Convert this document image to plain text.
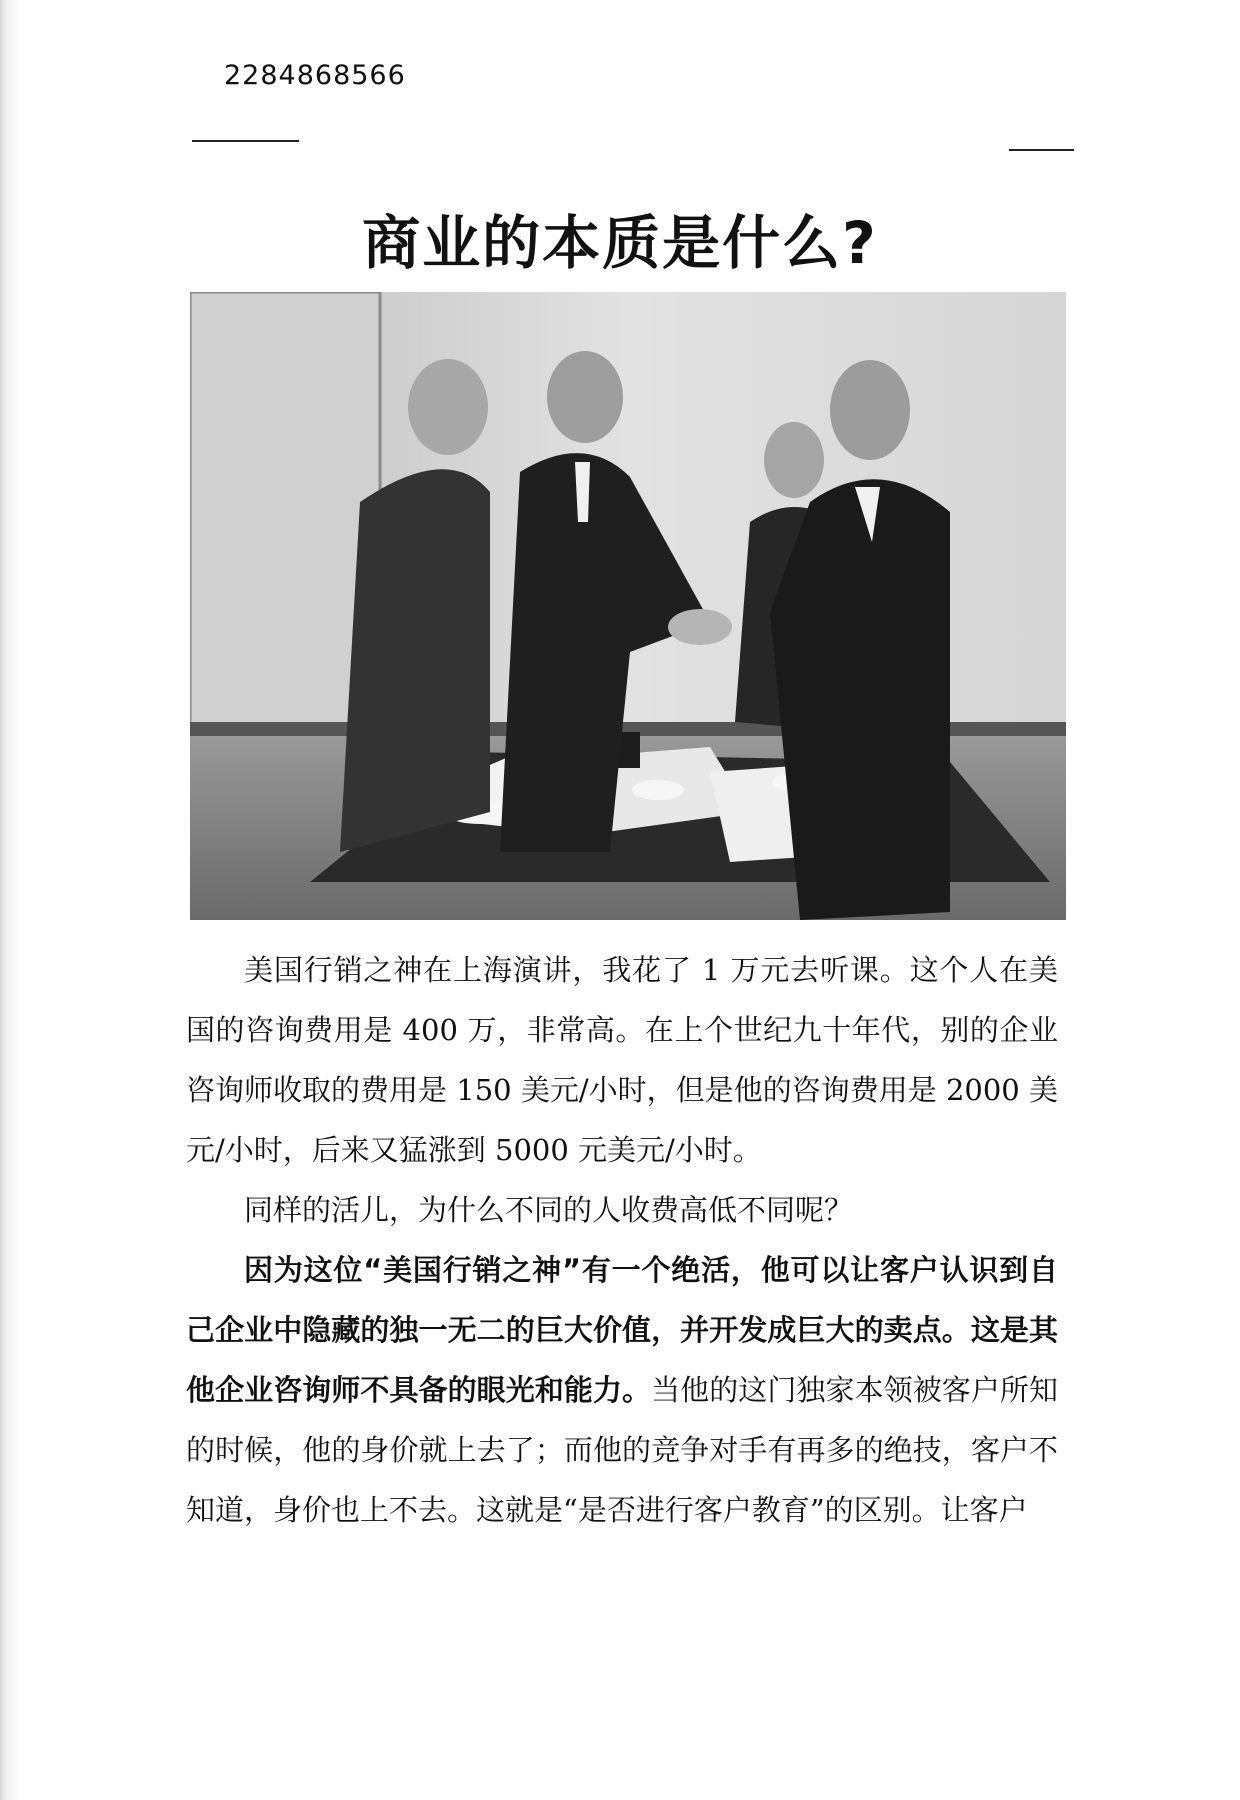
2284868566
商业的本质是什么?

美国行销之神在上海演讲，我花了 1 万元去听课。这个人在美国的咨询费用是 400 万，非常高。在上个世纪九十年代，别的企业咨询师收取的费用是 150 美元/小时，但是他的咨询费用是 2000 美元/小时，后来又猛涨到 5000 元美元/小时。

同样的活儿，为什么不同的人收费高低不同呢？

因为这位“美国行销之神”有一个绝活，他可以让客户认识到自己企业中隐藏的独一无二的巨大价值，并开发成巨大的卖点。这是其他企业咨询师不具备的眼光和能力。当他的这门独家本领被客户所知的时候，他的身价就上去了；而他的竞争对手有再多的绝技，客户不知道，身价也上不去。这就是“是否进行客户教育”的区别。让客户
